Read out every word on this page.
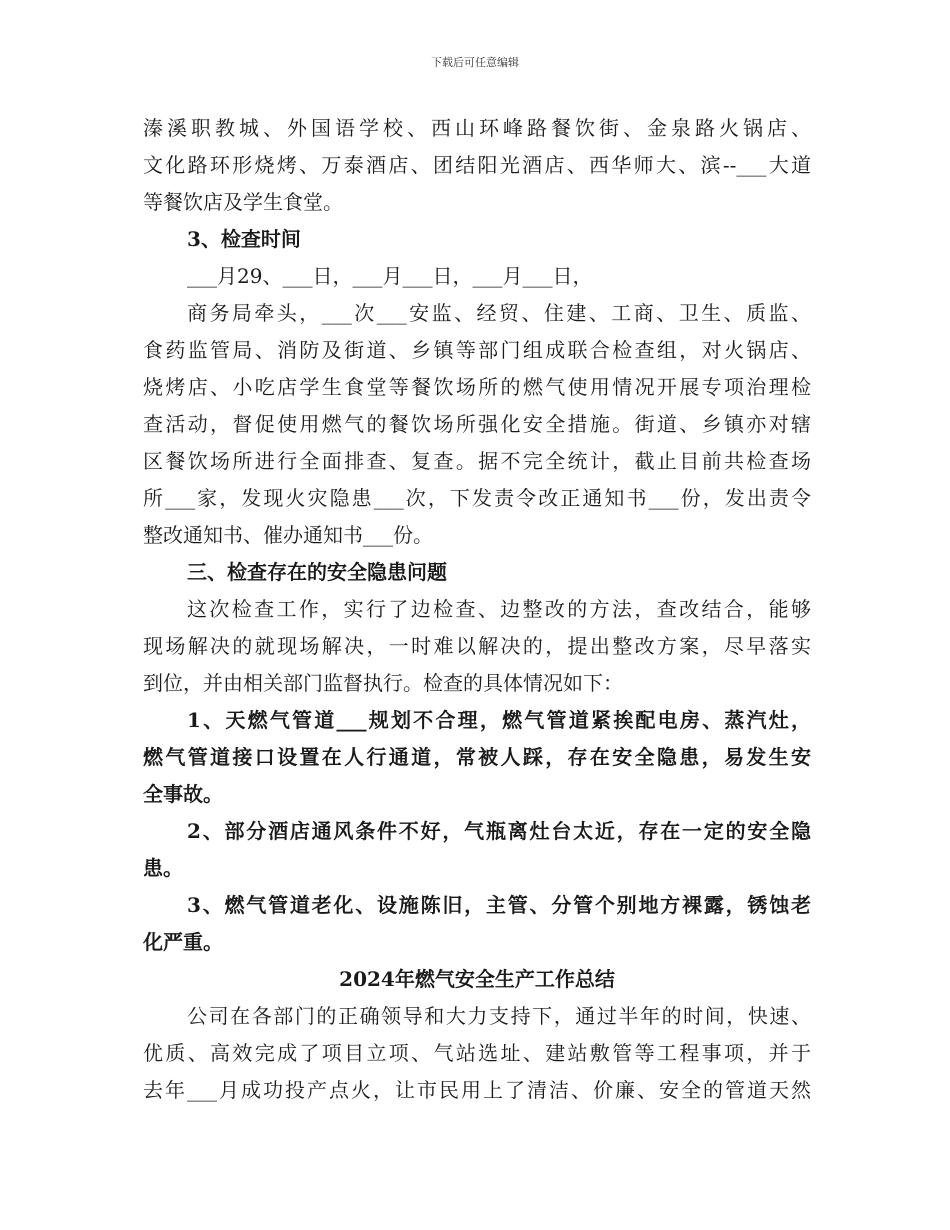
下载后可任意编辑
溱溪职教城、外国语学校、西山环峰路餐饮街、金泉路火锅店、
文化路环形烧烤、万泰酒店、团结阳光酒店、西华师大、滨--___大道
等餐饮店及学生食堂。
3、检查时间
___月29、___日，___月___日，___月___日，
商务局牵头，___次___安监、经贸、住建、工商、卫生、质监、
食药监管局、消防及街道、乡镇等部门组成联合检查组，对火锅店、
烧烤店、小吃店学生食堂等餐饮场所的燃气使用情况开展专项治理检
查活动，督促使用燃气的餐饮场所强化安全措施。街道、乡镇亦对辖
区餐饮场所进行全面排查、复查。据不完全统计，截止目前共检查场
所___家，发现火灾隐患___次，下发责令改正通知书___份，发出责令
整改通知书、催办通知书___份。
三、检查存在的安全隐患问题
这次检查工作，实行了边检查、边整改的方法，查改结合，能够
现场解决的就现场解决，一时难以解决的，提出整改方案，尽早落实
到位，并由相关部门监督执行。检查的具体情况如下：
1、天燃气管道___规划不合理，燃气管道紧挨配电房、蒸汽灶，
燃气管道接口设置在人行通道，常被人踩，存在安全隐患，易发生安
全事故。
2、部分酒店通风条件不好，气瓶离灶台太近，存在一定的安全隐
患。
3、燃气管道老化、设施陈旧，主管、分管个别地方裸露，锈蚀老
化严重。
2024年燃气安全生产工作总结
公司在各部门的正确领导和大力支持下，通过半年的时间，快速、
优质、高效完成了项目立项、气站选址、建站敷管等工程事项，并于
去年___月成功投产点火，让市民用上了清洁、价廉、安全的管道天然
